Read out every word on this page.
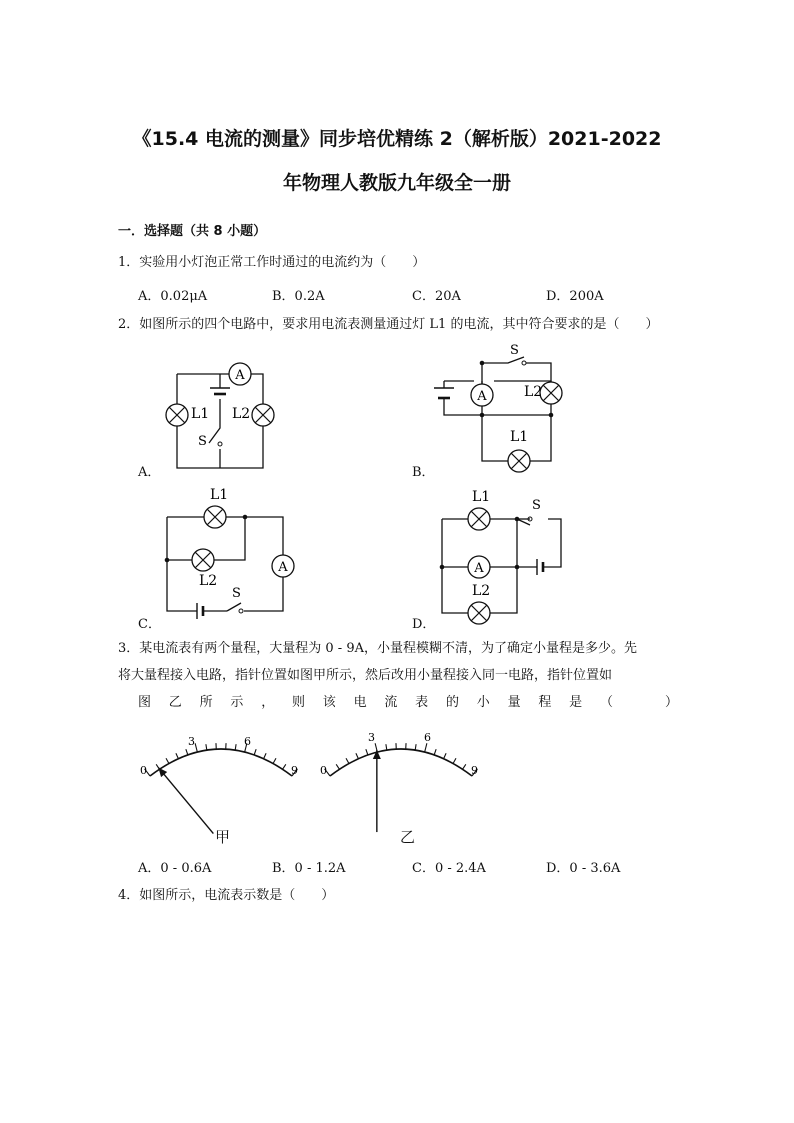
《15.4 电流的测量》同步培优精练 2（解析版）2021-2022
年物理人教版九年级全一册
一．选择题（共 8 小题）
1．实验用小灯泡正常工作时通过的电流约为（　　）
A．0.02μA	B．0.2A	C．20A	D．200A
2．如图所示的四个电路中，要求用电流表测量通过灯 L1 的电流，其中符合要求的是（　　）
A
L1 L2
S
A．
A
S
L2
L1
B．
A
L1
L2
S
C．
A
L1
L2
S
D．
3．某电流表有两个量程，大量程为 0 - 9A，小量程模糊不清，为了确定小量程是多少。先
将大量程接入电路，指针位置如图甲所示，然后改用小量程接入同一电路，指针位置如
图 乙 所 示 ， 则 该 电 流 表 的 小 量 程 是 （　　　　）
0
3	6
9
甲
0
3	6
9
乙
A．0 - 0.6A	B．0 - 1.2A	C．0 - 2.4A	D．0 - 3.6A
4．如图所示，电流表示数是（　　）
